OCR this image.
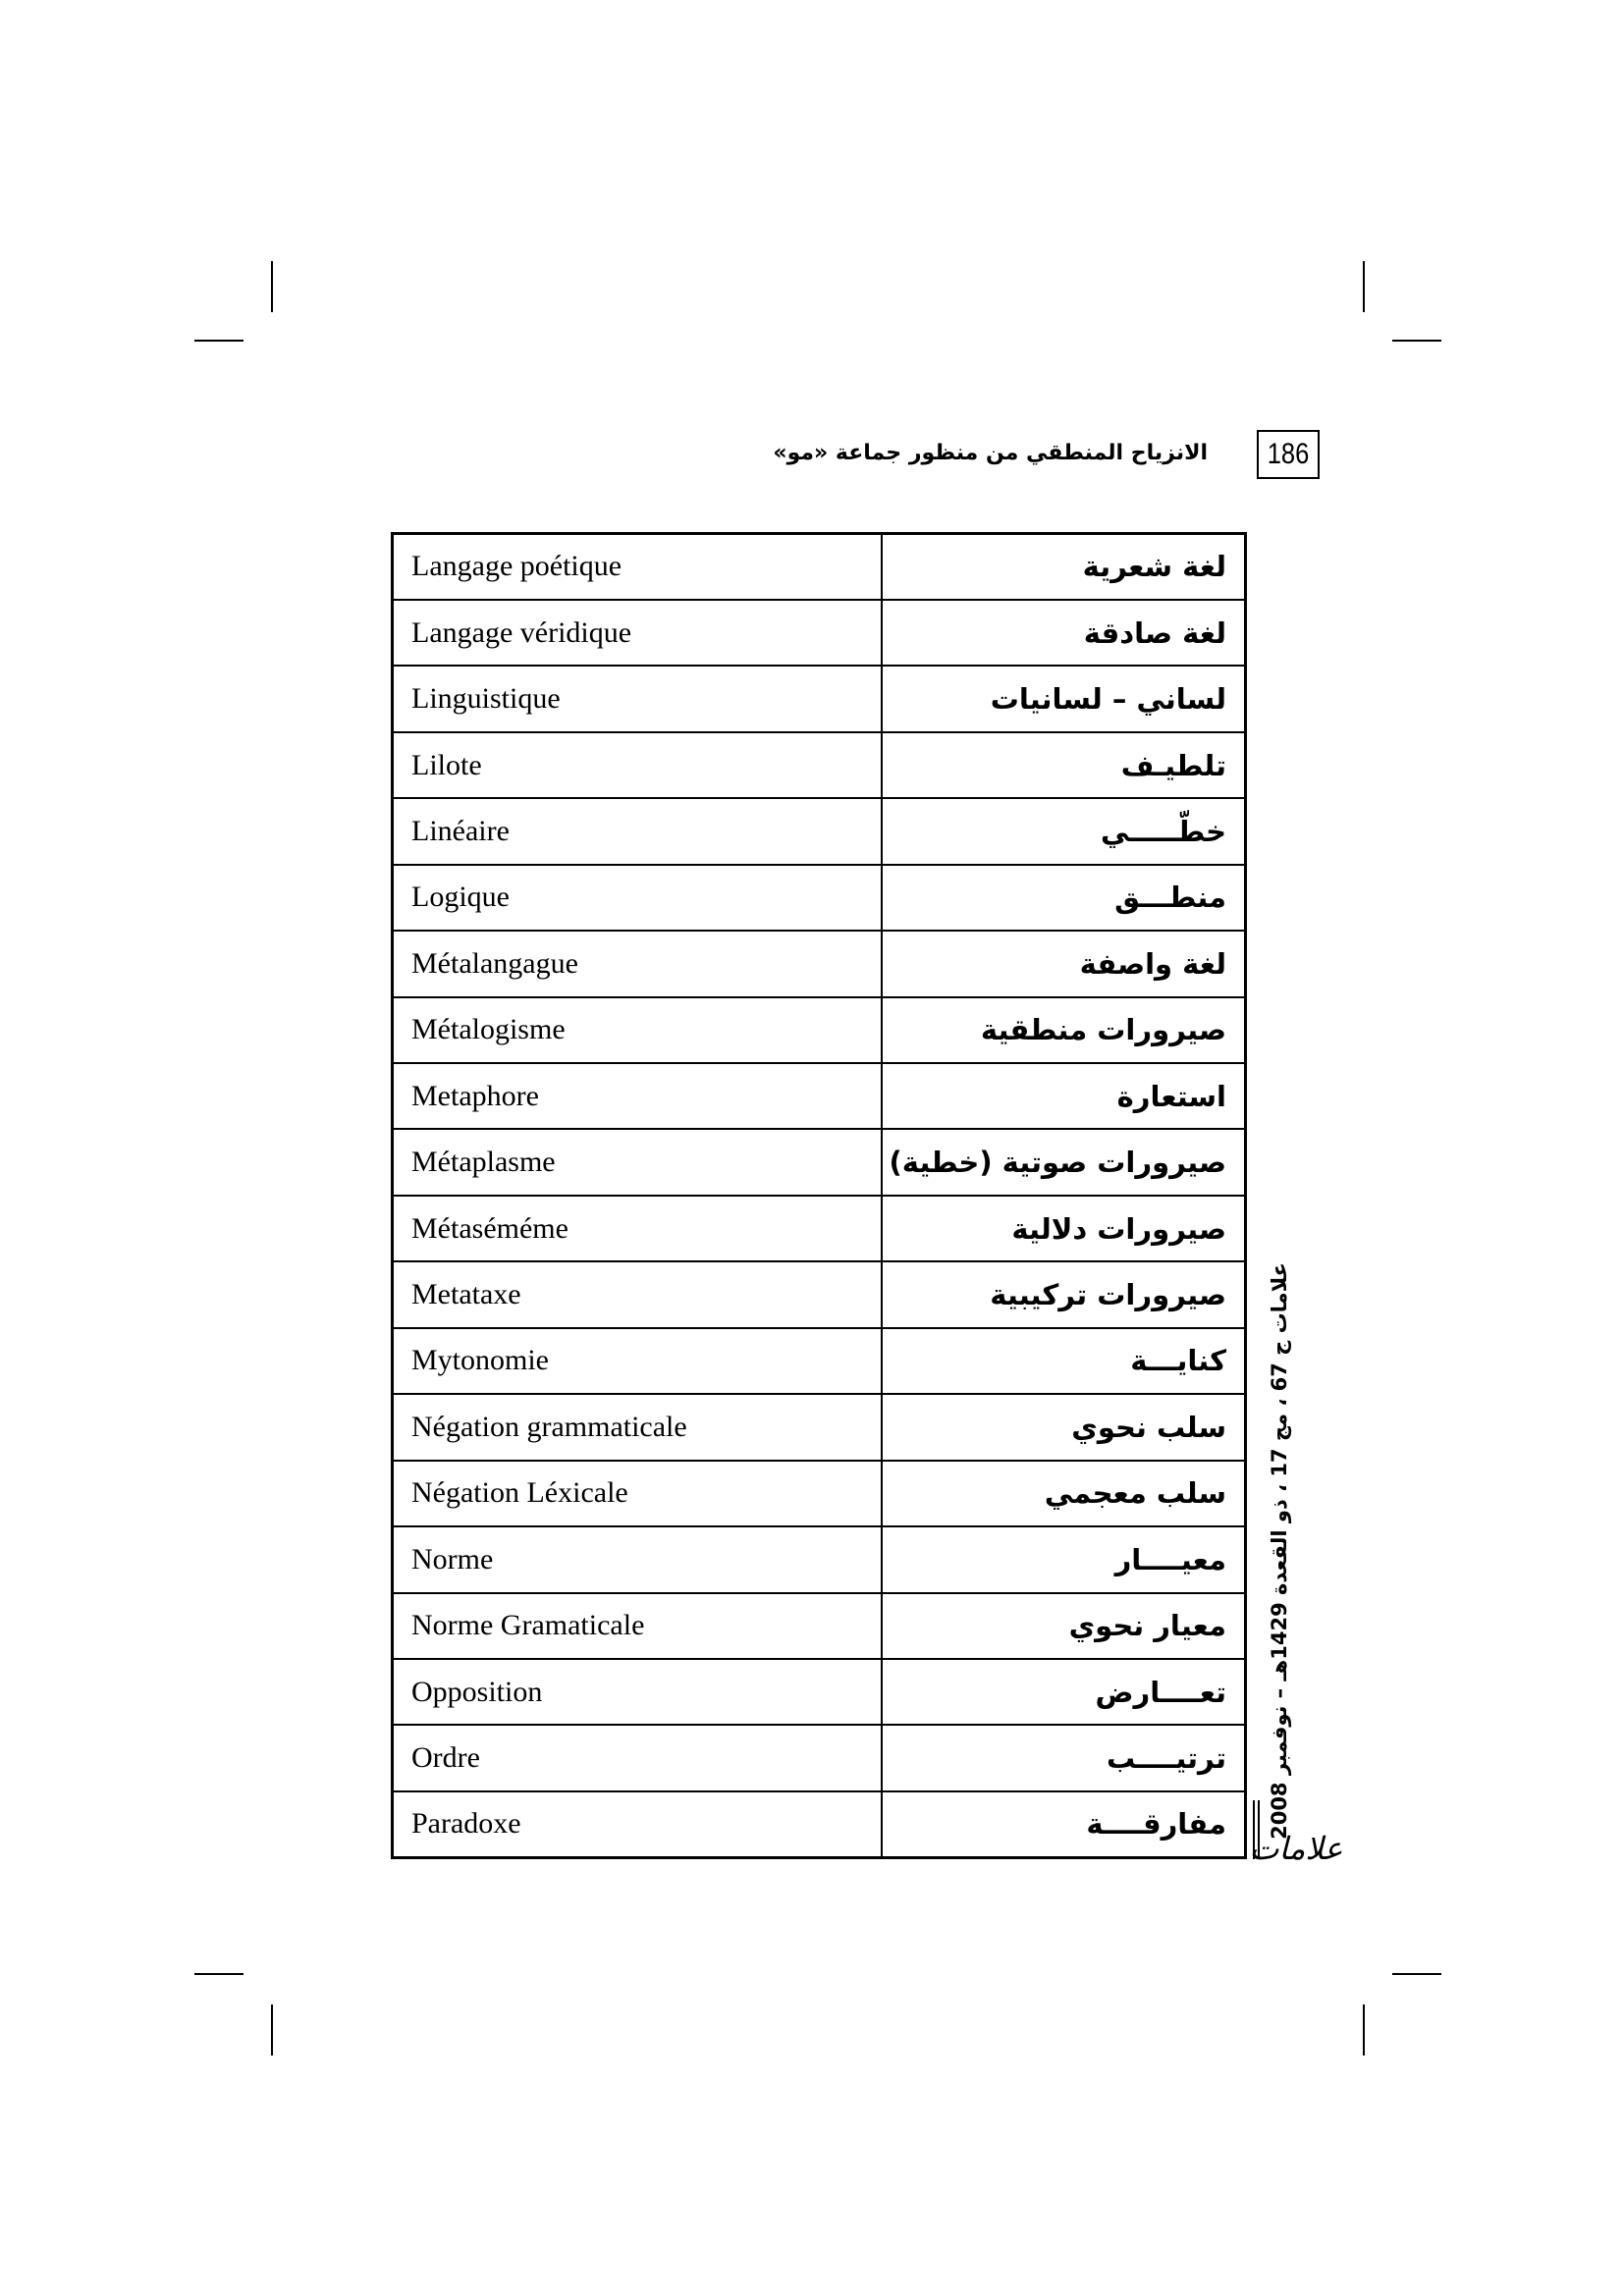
186
الانزياح المنطقي من منظور جماعة «مو»
Langage poétique	لغة شعرية
Langage véridique	لغة صادقة
Linguistique	لساني – لسانيات
Lilote	تلطيـف
Linéaire	خطّـــــي
Logique	منطـــق
Métalangague	لغة واصفة
Métalogisme	صيرورات منطقية
Metaphore	استعارة
Métaplasme	صيرورات صوتية (خطية)
Métaséméme	صيرورات دلالية
Metataxe	صيرورات تركيبية
Mytonomie	كنايـــة
Négation grammaticale	سلب نحوي
Négation Léxicale	سلب معجمي
Norme	معيــــار
Norme Gramaticale	معيار نحوي
Opposition	تعــــارض
Ordre	ترتيــــب
Paradoxe	مفارقــــة علامات ج 67 ، مج 17 ، ذو القعدة 1429هـ – نوفمبر 2008
علامات
